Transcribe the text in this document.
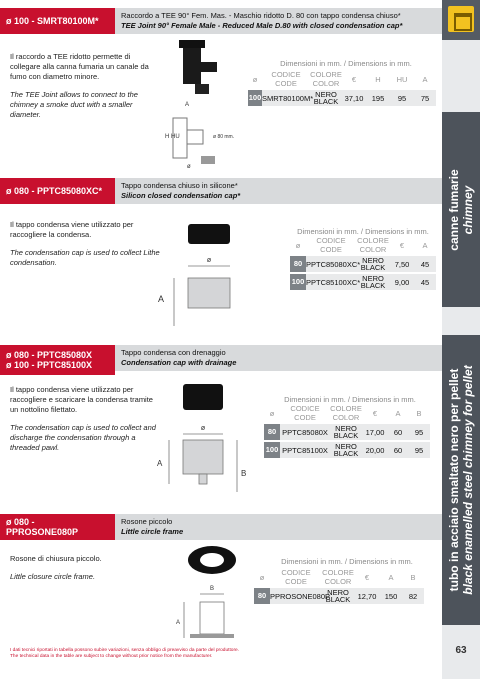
canne fumarie chimney
tubo in acciaio smaltato nero per pellet black enamelled steel chimney for pellet
63
ø 100 - SMRT80100M*
Raccordo a TEE 90° Fem. Mas. - Maschio ridotto D. 80 con tappo condensa chiuso*
TEE Joint 90° Female Male - Reduced Male D.80 with closed condensation cap*

Il raccordo a TEE ridotto permette di collegare alla canna fumaria un canale da fumo con diametro minore.

The TEE Joint allows to connect to the chimney a smoke duct with a smaller diameter.

A
H HU	ø 80 mm.
ø
Dimensioni in mm. / Dimensions in mm.
ø	CODICE
CODE
COLORE
COLOR	€	H	HU	A
100 SMRT80100M* NERO
BLACK 37,10	195	95	75
ø 080 - PPTC85080XC*
Tappo condensa chiuso in silicone*
Silicon closed condensation cap*

Il tappo condensa viene utilizzato per raccogliere la condensa.

The condensation cap is used to collect Lithe condensation.	ø
A
Dimensioni in mm. / Dimensions in mm.
ø	CODICE
CODE
COLORE
COLOR	€	A
80 PPTC85080XC* NERO
BLACK	7,50	45
100 PPTC85100XC* NERO
BLACK	9,00	45
ø 080 - PPTC85080X
ø 100 - PPTC85100X
Tappo condensa con drenaggio
Condensation cap with drainage

Il tappo condensa viene utilizzato per raccogliere e scaricare la condensa tramite un nottolino filettato.

The condensation cap is used to collect and discharge the condensation through a threaded pawl.

ø
A
B
Dimensioni in mm. / Dimensions in mm.
ø	CODICE
CODE
COLORE
COLOR	€	A	B
80 PPTC85080X NERO
BLACK 17,00	60	95
100 PPTC85100X NERO
BLACK 20,00	60	95
ø 080 - PPROSONE080P
Rosone piccolo
Little circle frame

Rosone di chiusura piccolo.

Little closure circle frame.

B
A
Dimensioni in mm. / Dimensions in mm.
ø	CODICE
CODE
COLORE
COLOR	€	A	B
80 PPROSONE080P
NERO
BLACK 12,70	150	82
I dati tecnici riportati in tabella possono subire variazioni, senza obbligo di preavviso da parte del produttore.
The technical data in the table are subject to change without prior notice from the manufacturer.
